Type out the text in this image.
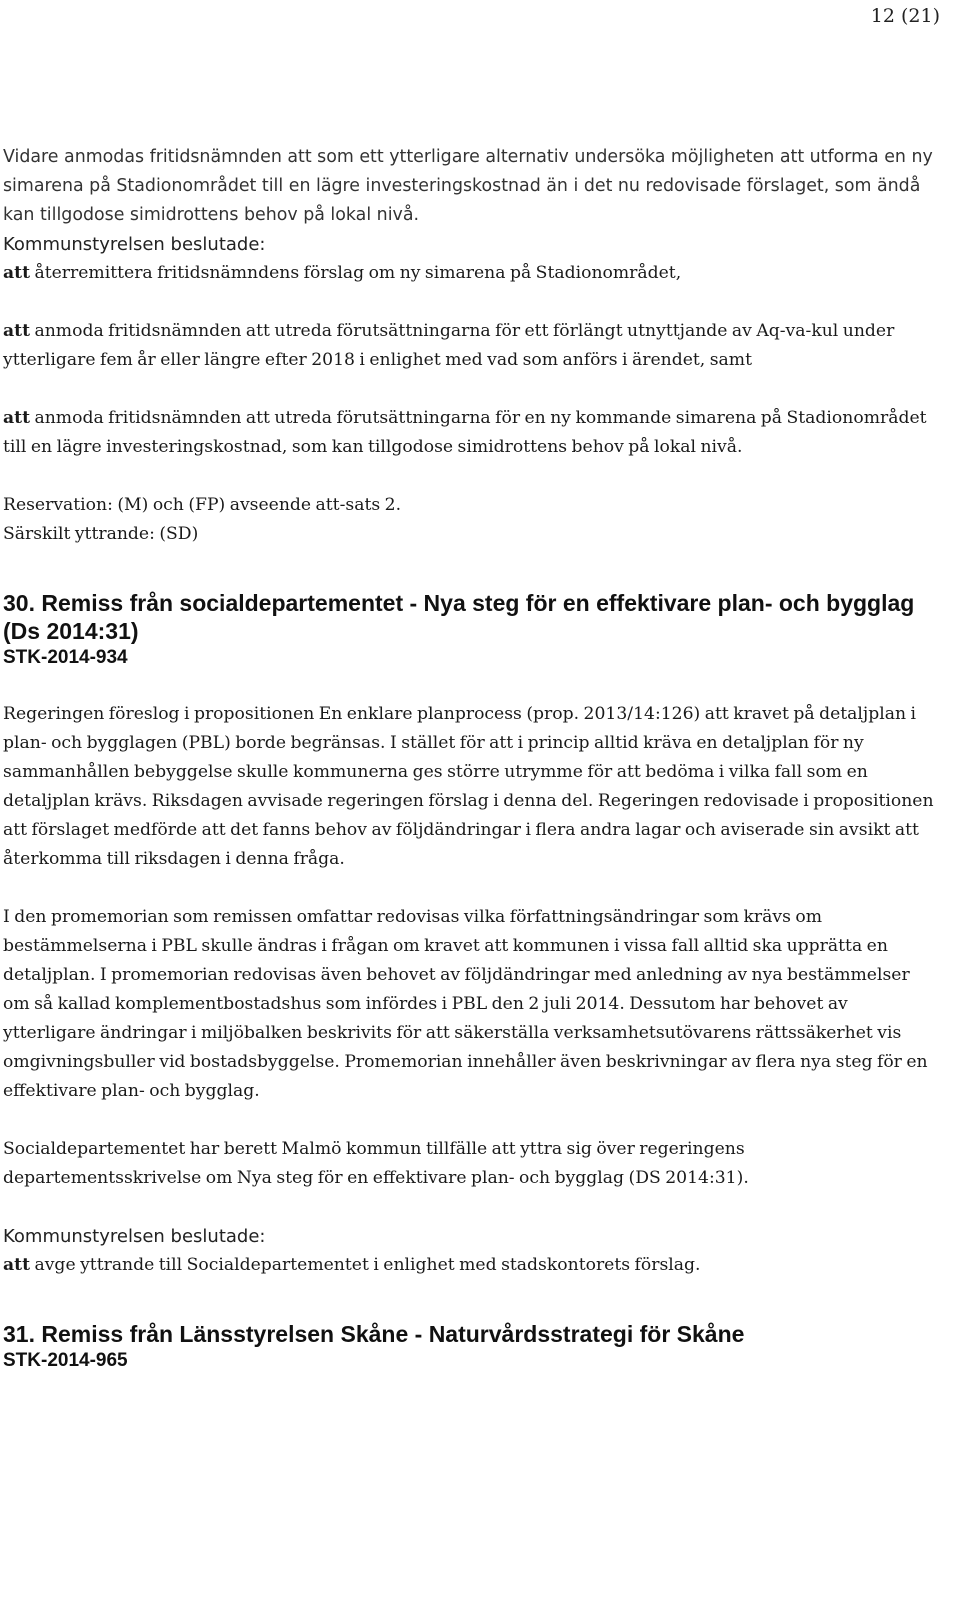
12 (21)

Vidare anmodas fritidsnämnden att som ett ytterligare alternativ undersöka möjligheten att utforma en ny simarena på Stadionområdet till en lägre investeringskostnad än i det nu redovisade förslaget, som ändå kan tillgodose simidrottens behov på lokal nivå.

Kommunstyrelsen beslutade:

att återremittera fritidsnämndens förslag om ny simarena på Stadionområdet,

att anmoda fritidsnämnden att utreda förutsättningarna för ett förlängt utnyttjande av Aq-va-kul under ytterligare fem år eller längre efter 2018 i enlighet med vad som anförs i ärendet, samt

att anmoda fritidsnämnden att utreda förutsättningarna för en ny kommande simarena på Stadionområdet till en lägre investeringskostnad, som kan tillgodose simidrottens behov på lokal nivå.

Reservation: (M) och (FP) avseende att-sats 2.

Särskilt yttrande: (SD)

30. Remiss från socialdepartementet - Nya steg för en effektivare plan- och bygglag (Ds 2014:31)

STK-2014-934

Regeringen föreslog i propositionen En enklare planprocess (prop. 2013/14:126) att kravet på detaljplan i plan- och bygglagen (PBL) borde begränsas. I stället för att i princip alltid kräva en detaljplan för ny sammanhållen bebyggelse skulle kommunerna ges större utrymme för att bedöma i vilka fall som en detaljplan krävs. Riksdagen avvisade regeringen förslag i denna del. Regeringen redovisade i propositionen att förslaget medförde att det fanns behov av följdändringar i flera andra lagar och aviserade sin avsikt att återkomma till riksdagen i denna fråga.

I den promemorian som remissen omfattar redovisas vilka författningsändringar som krävs om bestämmelserna i PBL skulle ändras i frågan om kravet att kommunen i vissa fall alltid ska upprätta en detaljplan. I promemorian redovisas även behovet av följdändringar med anledning av nya bestämmelser om så kallad komplementbostadshus som infördes i PBL den 2 juli 2014. Dessutom har behovet av ytterligare ändringar i miljöbalken beskrivits för att säkerställa verksamhetsutövarens rättssäkerhet vis omgivningsbuller vid bostadsbyggelse. Promemorian innehåller även beskrivningar av flera nya steg för en effektivare plan- och bygglag.

Socialdepartementet har berett Malmö kommun tillfälle att yttra sig över regeringens departementsskrivelse om Nya steg för en effektivare plan- och bygglag (DS 2014:31).

Kommunstyrelsen beslutade:

att avge yttrande till Socialdepartementet i enlighet med stadskontorets förslag.

31. Remiss från Länsstyrelsen Skåne - Naturvårdsstrategi för Skåne

STK-2014-965
